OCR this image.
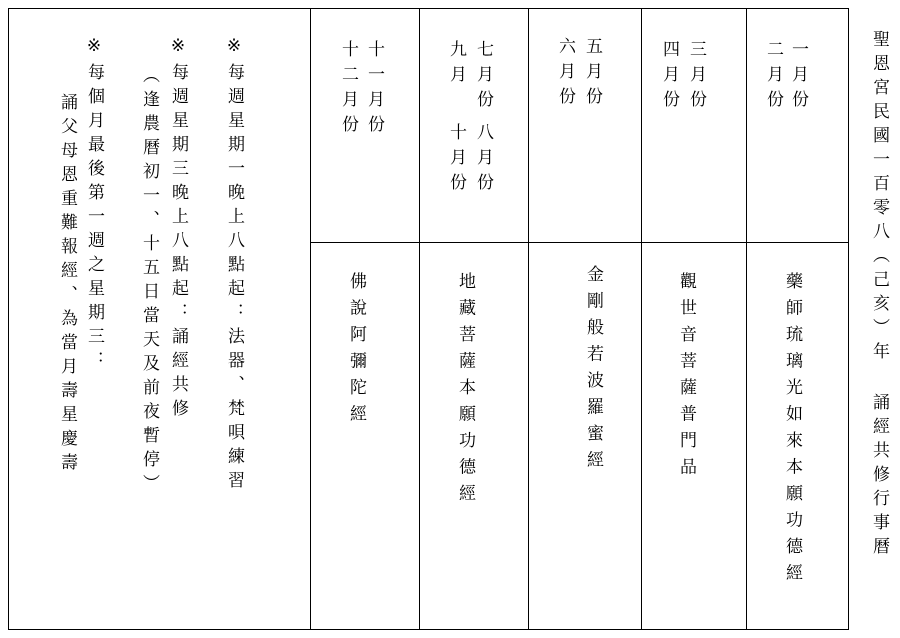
聖恩宮民國一百零八︵己亥︶年 誦經共修行事曆
一月份
二月份
藥師琉璃光如來本願功德經
三月份
四月份
觀世音菩薩普門品
五月份
六月份
金剛般若波羅蜜經
七月份
九月
八月份
十月份
地藏菩薩本願功德經
十一月份
十二月份
佛說阿彌陀經
※每週星期一晚上八點起：法器、梵唄練習
※每週星期三晚上八點起：誦經共修
︵逢農曆初一、十五日當天及前夜暫停︶
※每個月最後第一週之星期三：
誦父母恩重難報經、為當月壽星慶壽
